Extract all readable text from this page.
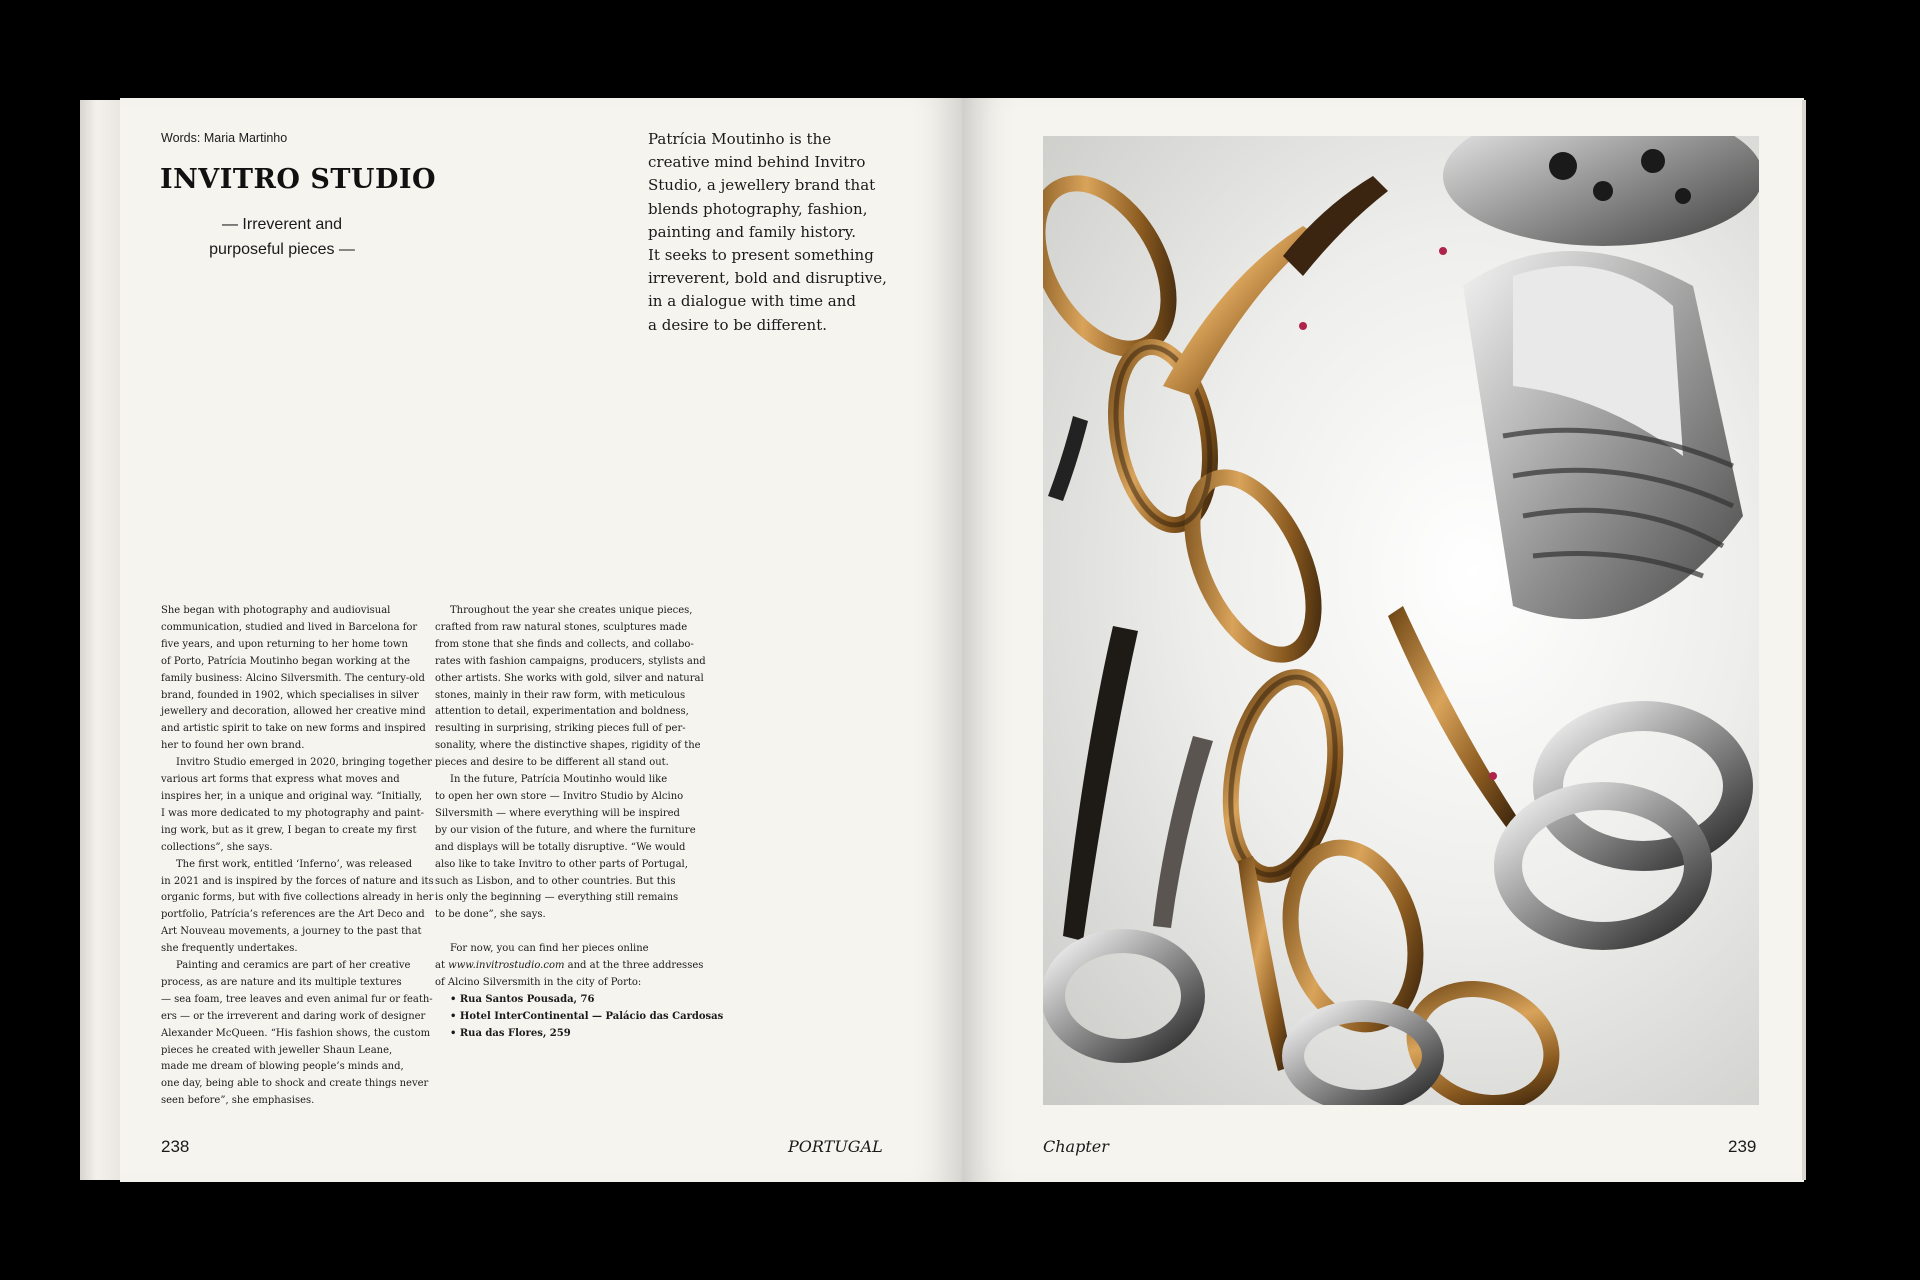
Words: Maria Martinho
INVITRO STUDIO
— Irreverent and
purposeful pieces —

Patrícia Moutinho is the

creative mind behind Invitro

Studio, a jewellery brand that

blends photography, fashion,

painting and family history.

It seeks to present something

irreverent, bold and disruptive,

in a dialogue with time and

a desire to be different.

She began with photography and audiovisual

communication, studied and lived in Barcelona for

five years, and upon returning to her home town

of Porto, Patrícia Moutinho began working at the

family business: Alcino Silversmith. The century-old

brand, founded in 1902, which specialises in silver

jewellery and decoration, allowed her creative mind

and artistic spirit to take on new forms and inspired

her to found her own brand.

Invitro Studio emerged in 2020, bringing together

various art forms that express what moves and

inspires her, in a unique and original way. “Initially,

I was more dedicated to my photography and paint-

ing work, but as it grew, I began to create my first

collections”, she says.

The first work, entitled ‘Inferno’, was released

in 2021 and is inspired by the forces of nature and its

organic forms, but with five collections already in her

portfolio, Patrícia’s references are the Art Deco and

Art Nouveau movements, a journey to the past that

she frequently undertakes.

Painting and ceramics are part of her creative

process, as are nature and its multiple textures

— sea foam, tree leaves and even animal fur or feath-

ers — or the irreverent and daring work of designer

Alexander McQueen. “His fashion shows, the custom

pieces he created with jeweller Shaun Leane,

made me dream of blowing people’s minds and,

one day, being able to shock and create things never

seen before”, she emphasises.

Throughout the year she creates unique pieces,

crafted from raw natural stones, sculptures made

from stone that she finds and collects, and collabo-

rates with fashion campaigns, producers, stylists and

other artists. She works with gold, silver and natural

stones, mainly in their raw form, with meticulous

attention to detail, experimentation and boldness,

resulting in surprising, striking pieces full of per-

sonality, where the distinctive shapes, rigidity of the

pieces and desire to be different all stand out.

In the future, Patrícia Moutinho would like

to open her own store — Invitro Studio by Alcino

Silversmith — where everything will be inspired

by our vision of the future, and where the furniture

and displays will be totally disruptive. “We would

also like to take Invitro to other parts of Portugal,

such as Lisbon, and to other countries. But this

is only the beginning — everything still remains

to be done”, she says.

For now, you can find her pieces online

at www.invitrostudio.com and at the three addresses

of Alcino Silversmith in the city of Porto:

• Rua Santos Pousada, 76

• Hotel InterContinental — Palácio das Cardosas

• Rua das Flores, 259

238	PORTUGAL	Chapter	239
